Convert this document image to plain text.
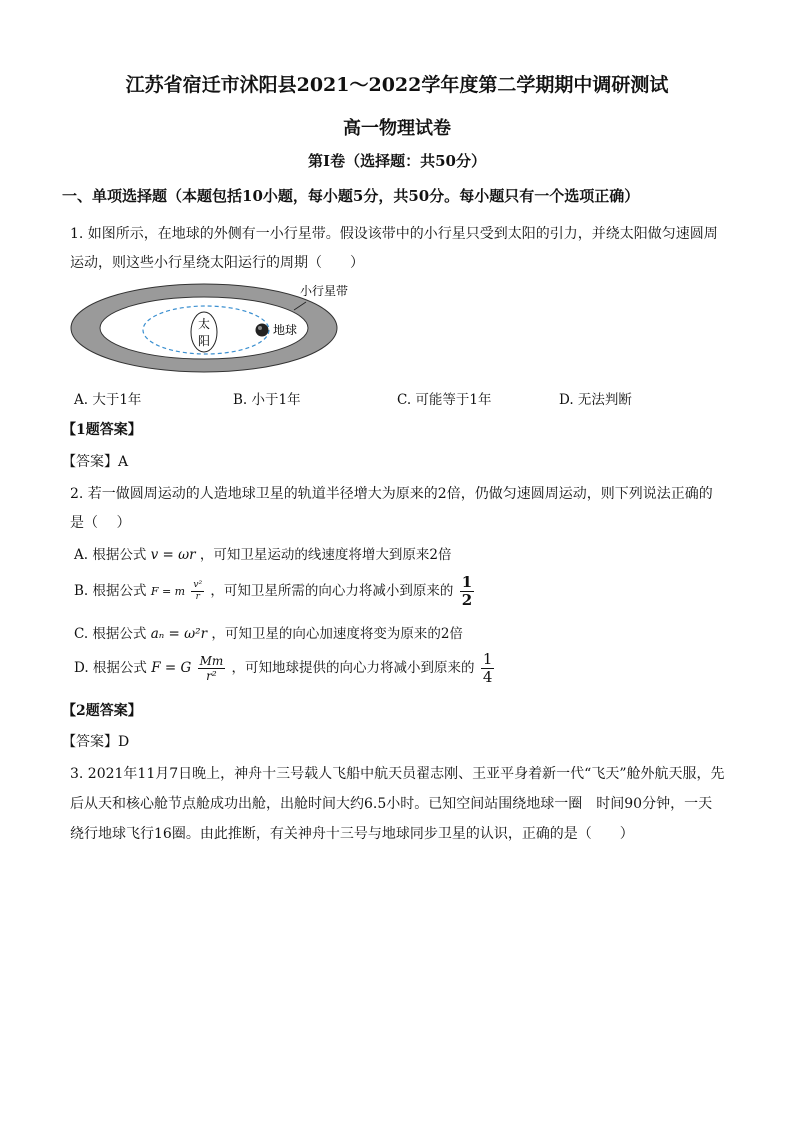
江苏省宿迁市沭阳县2021～2022学年度第二学期期中调研测试
高一物理试卷
第Ⅰ卷（选择题：共50分）
一、单项选择题（本题包括10小题，每小题5分，共50分。每小题只有一个选项正确）
1. 如图所示，在地球的外侧有一小行星带。假设该带中的小行星只受到太阳的引力，并绕太阳做匀速圆周
运动，则这些小行星绕太阳运行的周期（　　）
太
阳
地球
小行星带
A. 大于1年	B. 小于1年	C. 可能等于1年	D. 无法判断
【1题答案】
【答案】A
2. 若一做圆周运动的人造地球卫星的轨道半径增大为原来的2倍，仍做匀速圆周运动，则下列说法正确的
是（　 ）
A. 根据公式 v = ωr ，可知卫星运动的线速度将增大到原来2倍
B. 根据公式 F = m $\frac{\text{v²}}{r}$ ，可知卫星所需的向心力将减小到原来的 $\frac{1}{2}$
C. 根据公式 aₙ = ω²r ，可知卫星的向心加速度将变为原来的2倍
D. 根据公式 F = G $\frac{Mm}{\text{r²}}$ ，可知地球提供的向心力将减小到原来的 $\frac{1}{4}$
【2题答案】
【答案】D
3. 2021年11月7日晚上，神舟十三号载人飞船中航天员翟志刚、王亚平身着新一代“飞天”舱外航天服，先
后从天和核心舱节点舱成功出舱，出舱时间大约6.5小时。已知空间站围绕地球一圈　时间90分钟，一天
绕行地球飞行16圈。由此推断，有关神舟十三号与地球同步卫星的认识，正确的是（　　）
